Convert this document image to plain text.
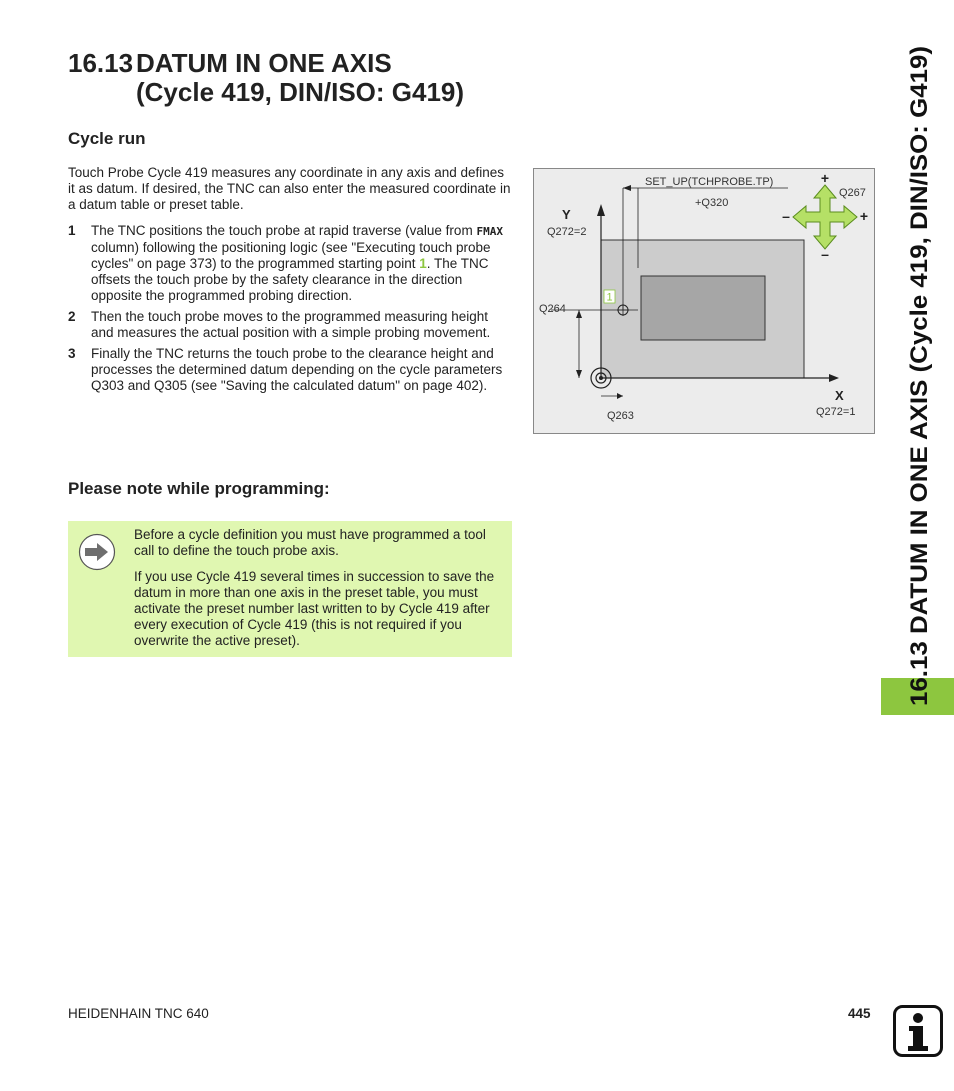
16.13 DATUM IN ONE AXIS
(Cycle 419, DIN/ISO: G419)
Cycle run
Touch Probe Cycle 419 measures any coordinate in any axis and defines it as datum. If desired, the TNC can also enter the measured coordinate in a datum table or preset table.
1 The TNC positions the touch probe at rapid traverse (value from FMAX column) following the positioning logic (see "Executing touch probe cycles" on page 373) to the programmed starting point 1. The TNC offsets the touch probe by the safety clearance in the direction opposite the programmed probing direction.
2 Then the touch probe moves to the programmed measuring height and measures the actual position with a simple probing movement.
3 Finally the TNC returns the touch probe to the clearance height and processes the determined datum depending on the cycle parameters Q303 and Q305 (see "Saving the calculated datum" on page 402).
1
SET_UP(TCHPROBE.TP)
+Q320
Y
Q272=2
Q264
X
Q263	Q272=1
Q267
+
–	+
–
Please note while programming:

Before a cycle definition you must have programmed a tool call to define the touch probe axis.

If you use Cycle 419 several times in succession to save the datum in more than one axis in the preset table, you must activate the preset number last written to by Cycle 419 after every execution of Cycle 419 (this is not required if you overwrite the active preset).	16.13 DATUM IN ONE AXIS (Cycle 419, DIN/ISO: G419)
HEIDENHAIN TNC 640	445
